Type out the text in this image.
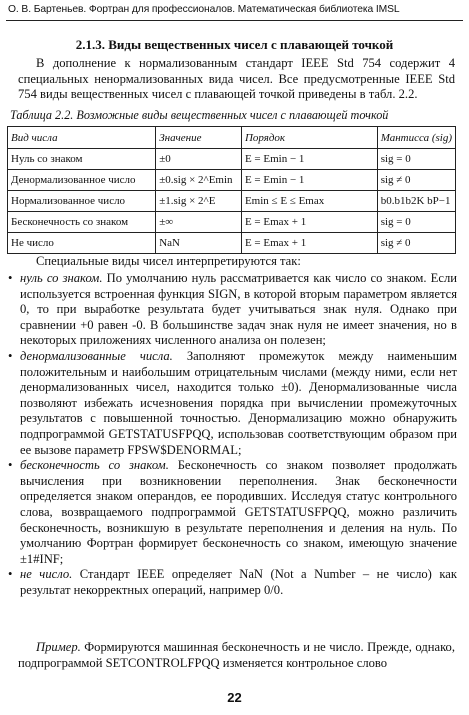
О. В. Бартеньев. Фортран для профессионалов. Математическая библиотека IMSL
2.1.3. Виды вещественных чисел с плавающей точкой
В дополнение к нормализованным стандарт IEEE Std 754 содержит 4 специальных ненормализованных вида чисел. Все предусмотренные IEEE Std 754 виды вещественных чисел с плавающей точкой приведены в табл. 2.2.
Таблица 2.2. Возможные виды вещественных чисел с плавающей точкой
Вид числа	Значение	Порядок	Мантисса (sig)
Нуль со знаком	±0	E = Emin − 1	sig = 0
Денормализованное число	±0.sig × 2^Emin	E = Emin − 1	sig ≠ 0
Нормализованное число	±1.sig × 2^E	Emin ≤ E ≤ Emax	b0.b1b2K bP−1
Бесконечность со знаком	±∞	E = Emax + 1	sig = 0
Не число	NaN	E = Emax + 1	sig ≠ 0
Специальные виды чисел интерпретируются так:
• нуль со знаком. По умолчанию нуль рассматривается как число со знаком. Если используется встроенная функция SIGN, в которой вторым параметром является 0, то при выработке результата будет учитываться знак нуля. Однако при сравнении +0 равен -0. В большинстве задач знак нуля не имеет значения, но в некоторых приложениях численного анализа он полезен;
• денормализованные числа. Заполняют промежуток между наименьшим положительным и наибольшим отрицательным числами (между ними, если нет денормализованных чисел, находится только ±0). Денормализованные числа позволяют избежать исчезновения порядка при вычислении промежуточных результатов с повышенной точностью. Денормализацию можно обнаружить подпрограммой GETSTATUSFPQQ, использовав соответствующим образом при ее вызове параметр FPSW$DENORMAL;
• бесконечность со знаком. Бесконечность со знаком позволяет продолжать вычисления при возникновении переполнения. Знак бесконечности определяется знаком операндов, ее породивших. Исследуя статус контрольного слова, возвращаемого подпрограммой GETSTATUSFPQQ, можно различить бесконечность, возникшую в результате переполнения и деления на нуль. По умолчанию Фортран формирует бесконечность со знаком, имеющую значение ±1#INF;
• не число. Стандарт IEEE определяет NaN (Not a Number – не число) как результат некорректных операций, например 0/0.
Пример. Формируются машинная бесконечность и не число. Прежде, однако, подпрограммой SETCONTROLFPQQ изменяется контрольное слово
22
